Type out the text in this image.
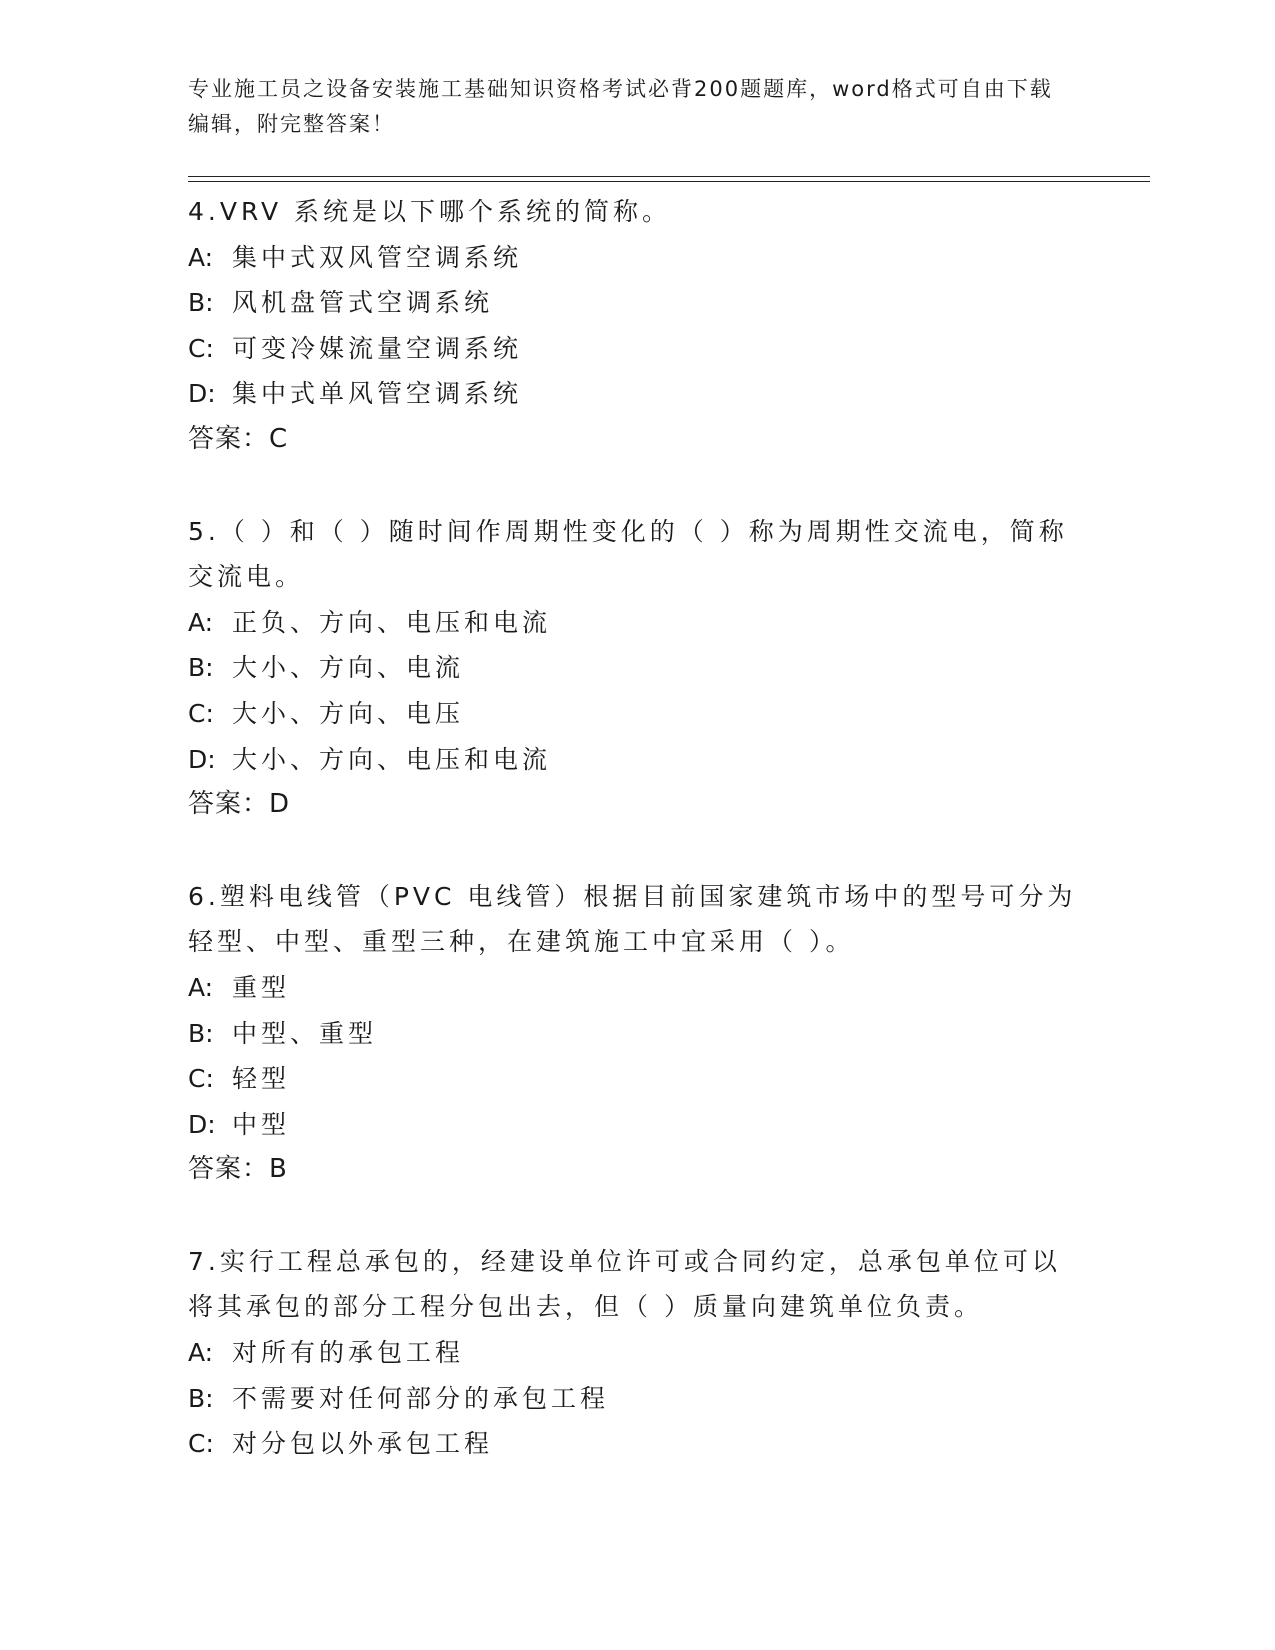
专业施工员之设备安装施工基础知识资格考试必背200题题库，word格式可自由下载编辑，附完整答案！
4.VRV 系统是以下哪个系统的简称。
A: 集中式双风管空调系统
B: 风机盘管式空调系统
C: 可变冷媒流量空调系统
D: 集中式单风管空调系统
答案：C
5.（ ）和（ ）随时间作周期性变化的（ ）称为周期性交流电，简称交流电。
A: 正负、方向、电压和电流
B: 大小、方向、电流
C: 大小、方向、电压
D: 大小、方向、电压和电流
答案：D
6.塑料电线管（PVC 电线管）根据目前国家建筑市场中的型号可分为轻型、中型、重型三种，在建筑施工中宜采用（ ）。
A: 重型
B: 中型、重型
C: 轻型
D: 中型
答案：B
7.实行工程总承包的，经建设单位许可或合同约定，总承包单位可以将其承包的部分工程分包出去，但（ ）质量向建筑单位负责。
A: 对所有的承包工程
B: 不需要对任何部分的承包工程
C: 对分包以外承包工程
